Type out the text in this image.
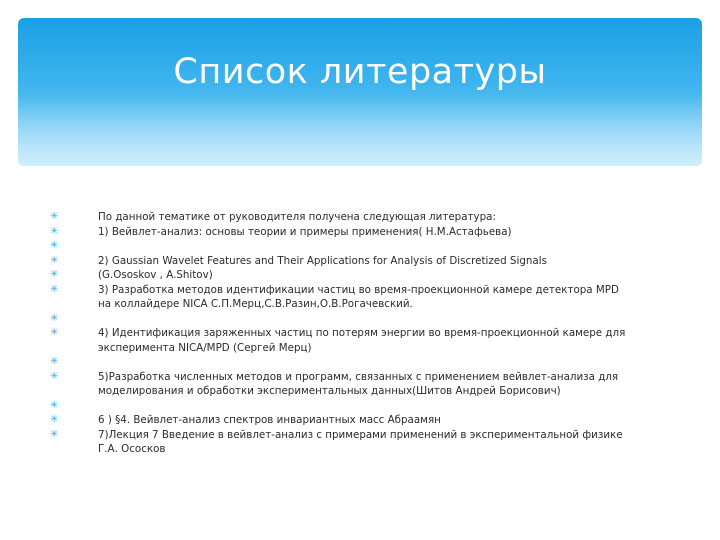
Список литературы
✳	По данной тематике от руководителя получена следующая литература:
✳	1) Вейвлет-анализ: основы теории и примеры применения( Н.М.Астафьева)
✳
✳	2) Gaussian Wavelet Features and Their Applications for Analysis of Discretized Signals
✳	(G.Ososkov , A.Shitov)
✳	3) Разработка методов идентификации частиц во время-проекционной камере детектора MPD
на коллайдере NICA С.П.Мерц,С.В.Разин,О.В.Рогачевский.
✳
✳	4) Идентификация заряженных частиц по потерям энергии во время-проекционной камере для
эксперимента NICA/MPD (Сергей Мерц)
✳
✳	5)Разработка численных методов и программ, связанных с применением вейвлет-анализа для
моделирования и обработки экспериментальных данных(Шитов Андрей Борисович)
✳
✳	6 ) §4. Вейвлет-анализ спектров инвариантных масс Абраамян
✳	7)Лекция 7 Введение в вейвлет-анализ с примерами применений в экспериментальной физике
Г.А. Ососков
